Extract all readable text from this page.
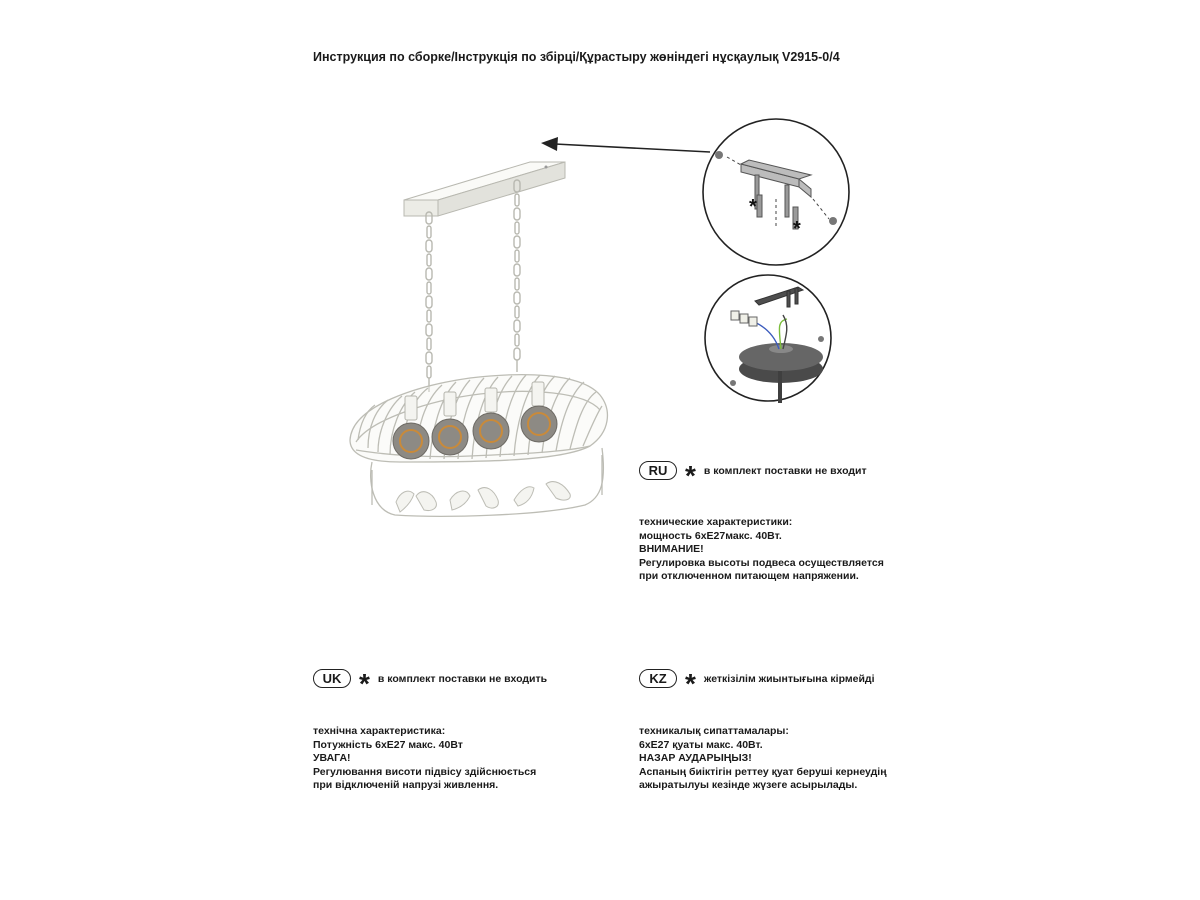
Инструкция по сборке/Інструкція по збірці/Құрастыру жөніндегі нұсқаулық V2915-0/4
*
*
RU * в комплект поставки не входит
технические характеристики:
мощность 6хЕ27макс. 40Вт.
ВНИМАНИЕ!
Регулировка высоты подвеса осуществляется
при отключенном питающем напряжении.
UK * в комплект поставки не входить
технічна характеристика:
Потужність 6хЕ27 макс. 40Вт
УВАГА!
Регулювання висоти підвісу здійснюється
при відключеній напрузі живлення.
KZ * жеткізілім жиынтығына кірмейді
техникалық сипаттамалары:
6хЕ27 қуаты макс. 40Вт.
НАЗАР АУДАРЫҢЫЗ!
Аспаның биіктігін реттеу қуат беруші кернеудің
ажыратылуы кезінде жүзеге асырылады.
